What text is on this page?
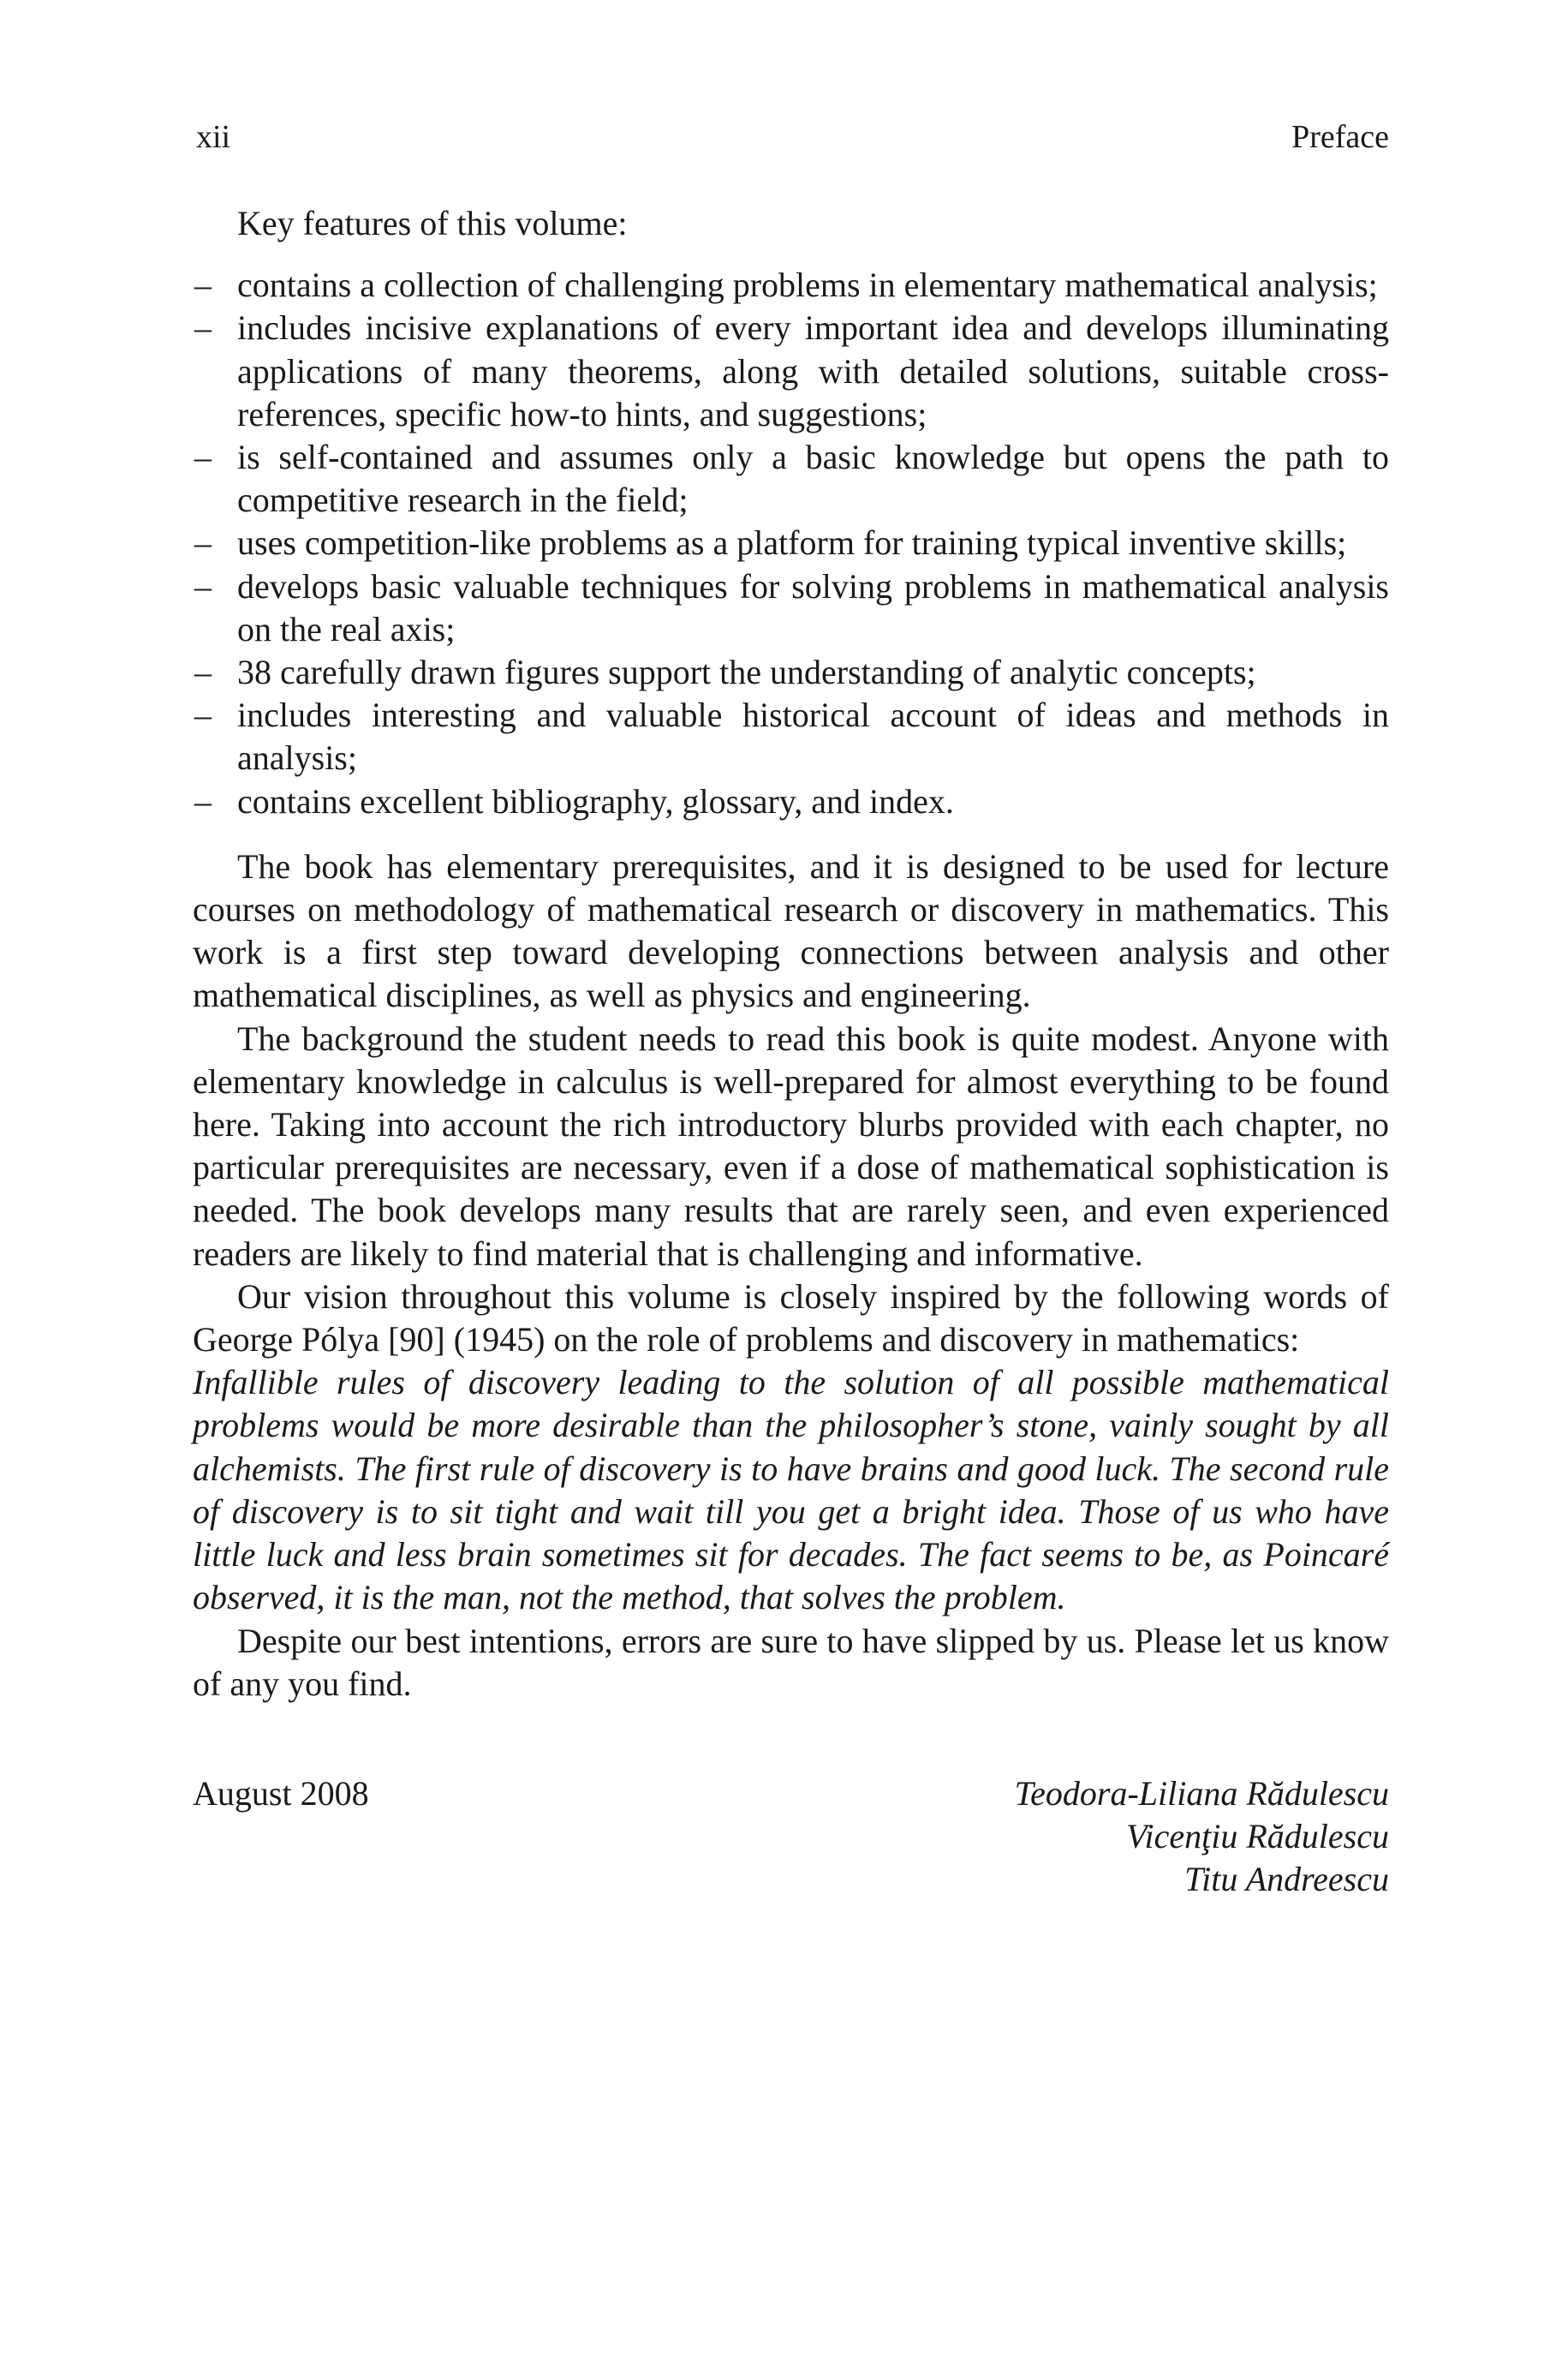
xii	Preface

Key features of this volume:

– contains a collection of challenging problems in elementary mathematical analysis;
– includes incisive explanations of every important idea and develops illuminating applications of many theorems, along with detailed solutions, suitable cross-references, specific how-to hints, and suggestions;
– is self-contained and assumes only a basic knowledge but opens the path to competitive research in the field;
– uses competition-like problems as a platform for training typical inventive skills;
– develops basic valuable techniques for solving problems in mathematical analysis on the real axis;
– 38 carefully drawn figures support the understanding of analytic concepts;
– includes interesting and valuable historical account of ideas and methods in analysis;
– contains excellent bibliography, glossary, and index.

The book has elementary prerequisites, and it is designed to be used for lecture courses on methodology of mathematical research or discovery in mathematics. This work is a first step toward developing connections between analysis and other mathematical disciplines, as well as physics and engineering.

The background the student needs to read this book is quite modest. Anyone with elementary knowledge in calculus is well-prepared for almost everything to be found here. Taking into account the rich introductory blurbs provided with each chapter, no particular prerequisites are necessary, even if a dose of mathematical sophistication is needed. The book develops many results that are rarely seen, and even experienced readers are likely to find material that is challenging and informative.

Our vision throughout this volume is closely inspired by the following words of George Pólya [90] (1945) on the role of problems and discovery in mathematics:

Infallible rules of discovery leading to the solution of all possible mathematical problems would be more desirable than the philosopher’s stone, vainly sought by all alchemists. The first rule of discovery is to have brains and good luck. The second rule of discovery is to sit tight and wait till you get a bright idea. Those of us who have little luck and less brain sometimes sit for decades. The fact seems to be, as Poincaré observed, it is the man, not the method, that solves the problem.

Despite our best intentions, errors are sure to have slipped by us. Please let us know of any you find.

August 2008	Teodora-Liliana Rădulescu
Vicenţiu Rădulescu
Titu Andreescu
